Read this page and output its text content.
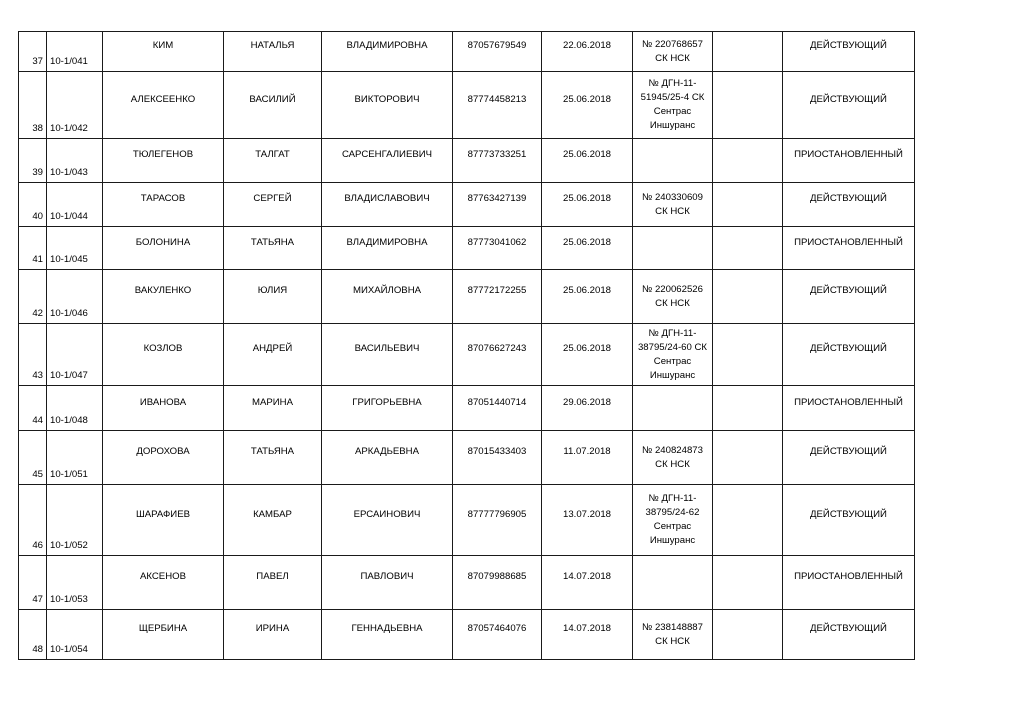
37	10-1/041	КИМ	НАТАЛЬЯ	ВЛАДИМИРОВНА	87057679549	22.06.2018	№ 220768657
СК НСК		ДЕЙСТВУЮЩИЙ
38	10-1/042	АЛЕКСЕЕНКО	ВАСИЛИЙ	ВИКТОРОВИЧ	87774458213	25.06.2018	№ ДГН-11-
51945/25-4 СК
Сентрас
Иншуранс		ДЕЙСТВУЮЩИЙ
39	10-1/043	ТЮЛЕГЕНОВ	ТАЛГАТ	САРСЕНГАЛИЕВИЧ	87773733251	25.06.2018			ПРИОСТАНОВЛЕННЫЙ
40	10-1/044	ТАРАСОВ	СЕРГЕЙ	ВЛАДИСЛАВОВИЧ	87763427139	25.06.2018	№ 240330609
СК НСК		ДЕЙСТВУЮЩИЙ
41	10-1/045	БОЛОНИНА	ТАТЬЯНА	ВЛАДИМИРОВНА	87773041062	25.06.2018			ПРИОСТАНОВЛЕННЫЙ
42	10-1/046	ВАКУЛЕНКО	ЮЛИЯ	МИХАЙЛОВНА	87772172255	25.06.2018	№ 220062526
СК НСК		ДЕЙСТВУЮЩИЙ
43	10-1/047	КОЗЛОВ	АНДРЕЙ	ВАСИЛЬЕВИЧ	87076627243	25.06.2018	№ ДГН-11-
38795/24-60 СК
Сентрас
Иншуранс		ДЕЙСТВУЮЩИЙ
44	10-1/048	ИВАНОВА	МАРИНА	ГРИГОРЬЕВНА	87051440714	29.06.2018			ПРИОСТАНОВЛЕННЫЙ
45	10-1/051	ДОРОХОВА	ТАТЬЯНА	АРКАДЬЕВНА	87015433403	11.07.2018	№ 240824873
СК НСК		ДЕЙСТВУЮЩИЙ
46	10-1/052	ШАРАФИЕВ	КАМБАР	ЕРСАИНОВИЧ	87777796905	13.07.2018	№ ДГН-11-
38795/24-62
Сентрас
Иншуранс		ДЕЙСТВУЮЩИЙ
47	10-1/053	АКСЕНОВ	ПАВЕЛ	ПАВЛОВИЧ	87079988685	14.07.2018			ПРИОСТАНОВЛЕННЫЙ
48	10-1/054	ЩЕРБИНА	ИРИНА	ГЕННАДЬЕВНА	87057464076	14.07.2018	№ 238148887
СК НСК		ДЕЙСТВУЮЩИЙ
